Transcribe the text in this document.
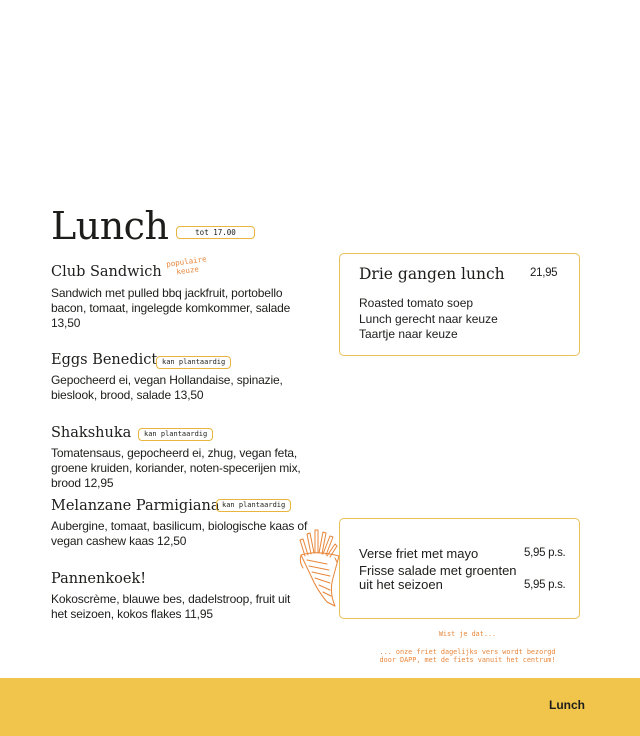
Lunch	tot 17.00
Club Sandwich
populaire keuze
Sandwich met pulled bbq jackfruit, portobello bacon, tomaat, ingelegde komkommer, salade 13,50
Eggs Benedict kan plantaardig
Gepocheerd ei, vegan Hollandaise, spinazie, bieslook, brood, salade 13,50
Shakshuka	kan plantaardig
Tomatensaus, gepocheerd ei, zhug, vegan feta, groene kruiden, koriander, noten-specerijen mix, brood 12,95
Melanzane Parmigiana kan plantaardig
Aubergine, tomaat, basilicum, biologische kaas of vegan cashew kaas 12,50
Pannenkoek!
Kokoscrème, blauwe bes, dadelstroop, fruit uit het seizoen, kokos flakes 11,95
Drie gangen lunch 21,95
Roasted tomato soep
Lunch gerecht naar keuze
Taartje naar keuze
Verse friet met mayo	5,95 p.s.
Frisse salade met groenten uit het seizoen	5,95 p.s.
Wist je dat...
... onze friet dagelijks vers wordt bezorgd door DAPP, met de fiets vanuit het centrum!
Lunch
